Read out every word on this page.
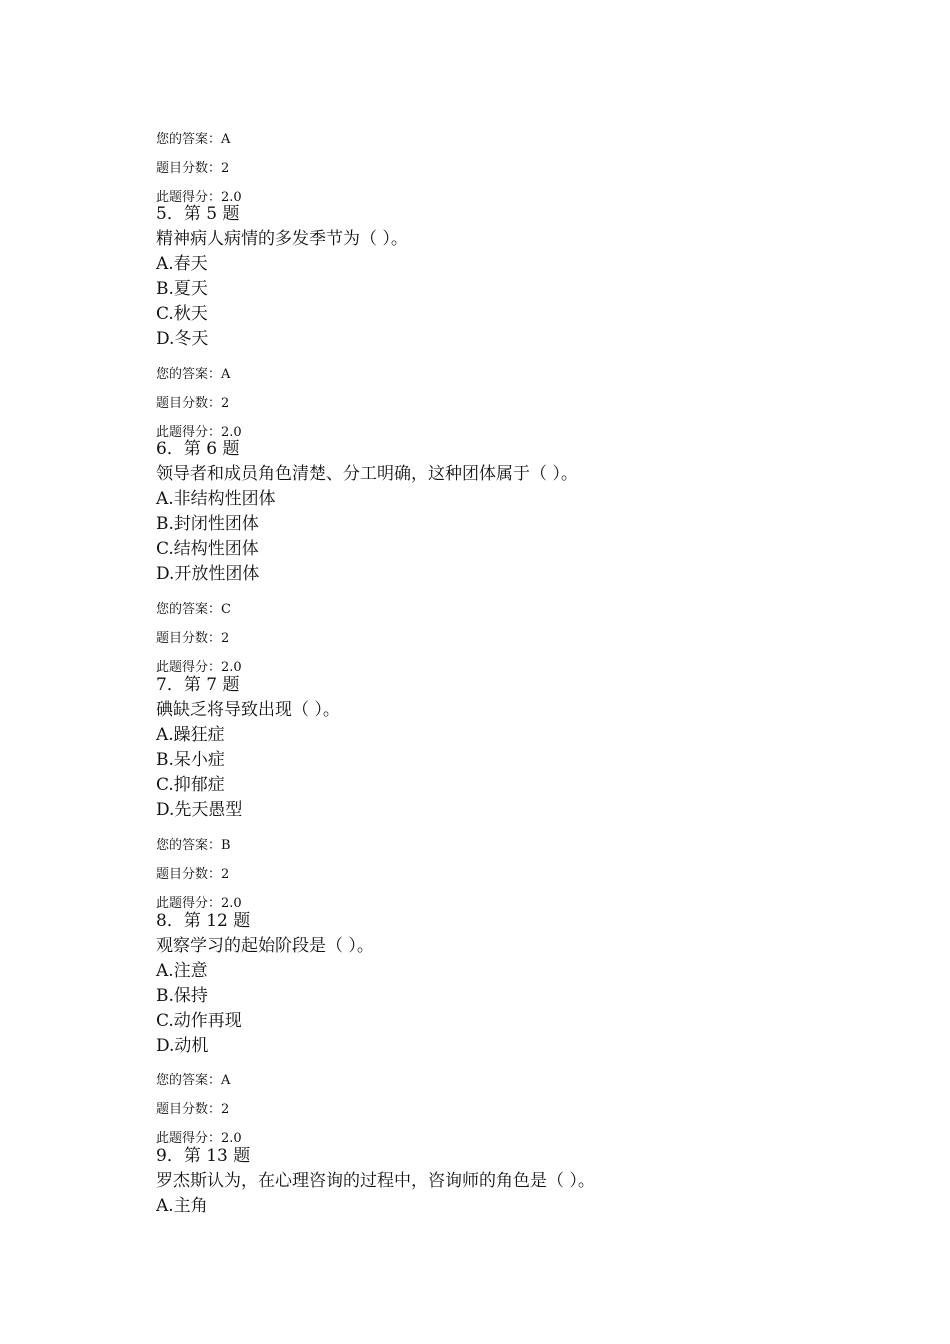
您的答案：A
题目分数：2
此题得分：2.0
5．第 5 题
精神病人病情的多发季节为（ ）。
A.春天
B.夏天
C.秋天
D.冬天
您的答案：A
题目分数：2
此题得分：2.0
6．第 6 题
领导者和成员角色清楚、分工明确，这种团体属于（ ）。
A.非结构性团体
B.封闭性团体
C.结构性团体
D.开放性团体
您的答案：C
题目分数：2
此题得分：2.0
7．第 7 题
碘缺乏将导致出现（ ）。
A.躁狂症
B.呆小症
C.抑郁症
D.先天愚型
您的答案：B
题目分数：2
此题得分：2.0
8．第 12 题
观察学习的起始阶段是（ ）。
A.注意
B.保持
C.动作再现
D.动机
您的答案：A
题目分数：2
此题得分：2.0
9．第 13 题
罗杰斯认为，在心理咨询的过程中，咨询师的角色是（ ）。
A.主角
